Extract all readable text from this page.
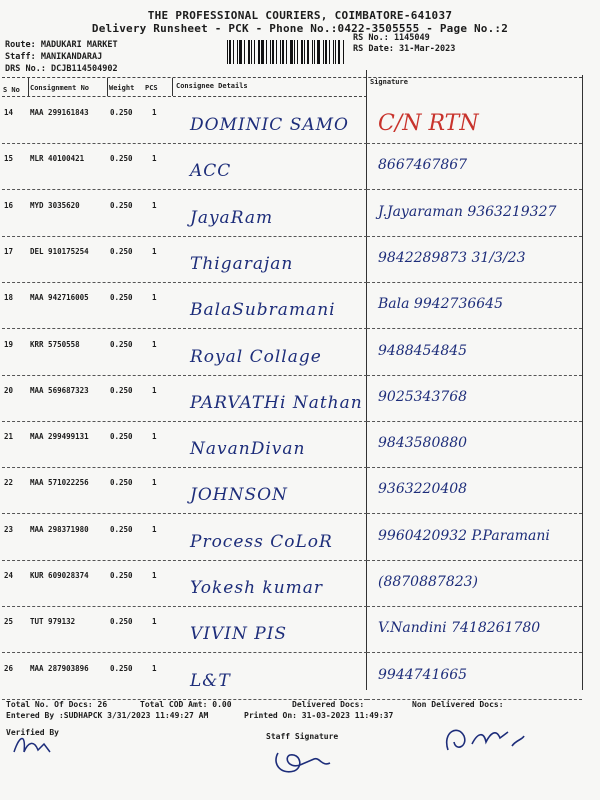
THE PROFESSIONAL COURIERS, COIMBATORE-641037
Delivery Runsheet - PCK - Phone No.:0422-3505555 - Page No.:2
Route: MADUKARI MARKET
Staff: MANIKANDARAJ
DRS No.: DCJB114504902
RS No.: 1145049
RS Date: 31-Mar-2023
S No Consignment No	Weight PCS	Consignee Details	Signature
14 MAA 299161843	0.250	1
DOMINIC SAMO C/N RTN
15 MLR 40100421	0.250	1
ACC	8667467867
16 MYD 3035620	0.250	1
JayaRam	J.Jayaraman 9363219327
17 DEL 910175254	0.250	1
Thigarajan	9842289873 31/3/23
18 MAA 942716005	0.250	1
BalaSubramani	Bala 9942736645
19 KRR 5750558	0.250	1
Royal Collage	9488454845
20 MAA 569687323	0.250	1
PARVATHi Nathan 9025343768
21 MAA 299499131	0.250	1
NavanDivan	9843580880
22 MAA 571022256	0.250	1
JOHNSON	9363220408
23 MAA 298371980	0.250	1
Process CoLoR	9960420932 P.Paramani
24 KUR 609028374	0.250	1
Yokesh kumar	(8870887823)
25 TUT 979132	0.250	1
VIVIN PIS	V.Nandini 7418261780
26 MAA 287903896	0.250	1
L&T	9944741665
Total No. Of Docs: 26	Total COD Amt: 0.00	Delivered Docs:	Non Delivered Docs:
Entered By :SUDHAPCK 3/31/2023 11:49:27 AM	Printed On: 31-03-2023 11:49:37
Verified By	Staff Signature
